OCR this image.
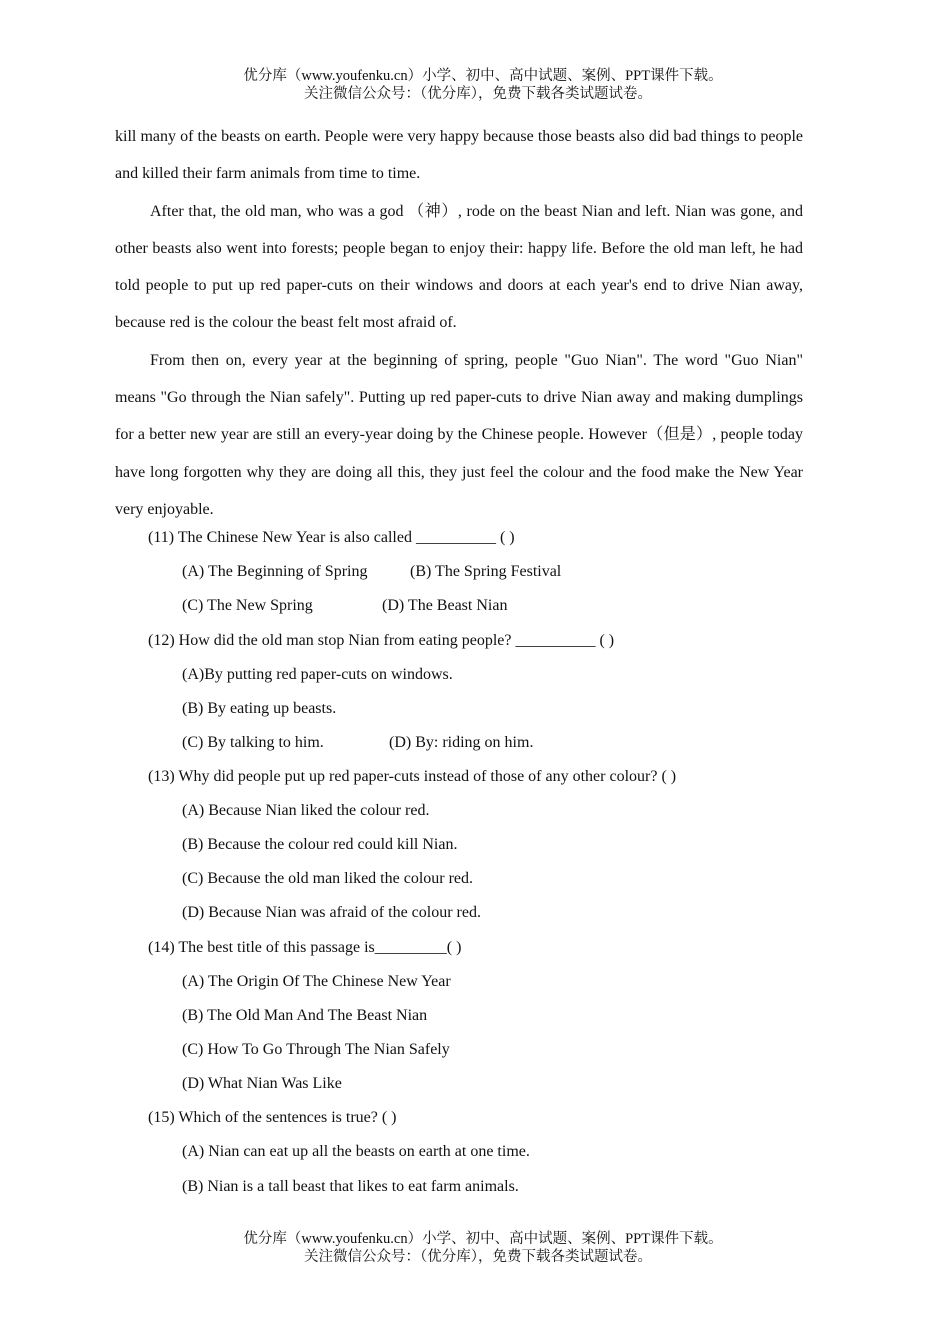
优分库（www.youfenku.cn）小学、初中、高中试题、案例、PPT课件下载。
关注微信公众号：（优分库），免费下载各类试题试卷。

kill many of the beasts on earth. People were very happy because those beasts also did bad things to people and killed their farm animals from time to time.

After that, the old man, who was a god （神）, rode on the beast Nian and left. Nian was gone, and other beasts also went into forests; people began to enjoy their: happy life. Before the old man left, he had told people to put up red paper-cuts on their windows and doors at each year's end to drive Nian away, because red is the colour the beast felt most afraid of.

From then on, every year at the beginning of spring, people "Guo Nian". The word "Guo Nian" means "Go through the Nian safely". Putting up red paper-cuts to drive Nian away and making dumplings for a better new year are still an every-year doing by the Chinese people. However（但是）, people today have long forgotten why they are doing all this, they just feel the colour and the food make the New Year very enjoyable.

(11) The Chinese New Year is also called __________ ( )
(A) The Beginning of Spring	(B) The Spring Festival
(C) The New Spring	(D) The Beast Nian
(12) How did the old man stop Nian from eating people? __________ ( )
(A)By putting red paper-cuts on windows.
(B) By eating up beasts.
(C) By talking to him.	(D) By: riding on him.
(13) Why did people put up red paper-cuts instead of those of any other colour? ( )
(A) Because Nian liked the colour red.
(B) Because the colour red could kill Nian.
(C) Because the old man liked the colour red.
(D) Because Nian was afraid of the colour red.
(14) The best title of this passage is_________( )
(A) The Origin Of The Chinese New Year
(B) The Old Man And The Beast Nian
(C) How To Go Through The Nian Safely
(D) What Nian Was Like
(15) Which of the sentences is true? ( )
(A) Nian can eat up all the beasts on earth at one time.
(B) Nian is a tall beast that likes to eat farm animals.
优分库（www.youfenku.cn）小学、初中、高中试题、案例、PPT课件下载。
关注微信公众号：（优分库），免费下载各类试题试卷。
